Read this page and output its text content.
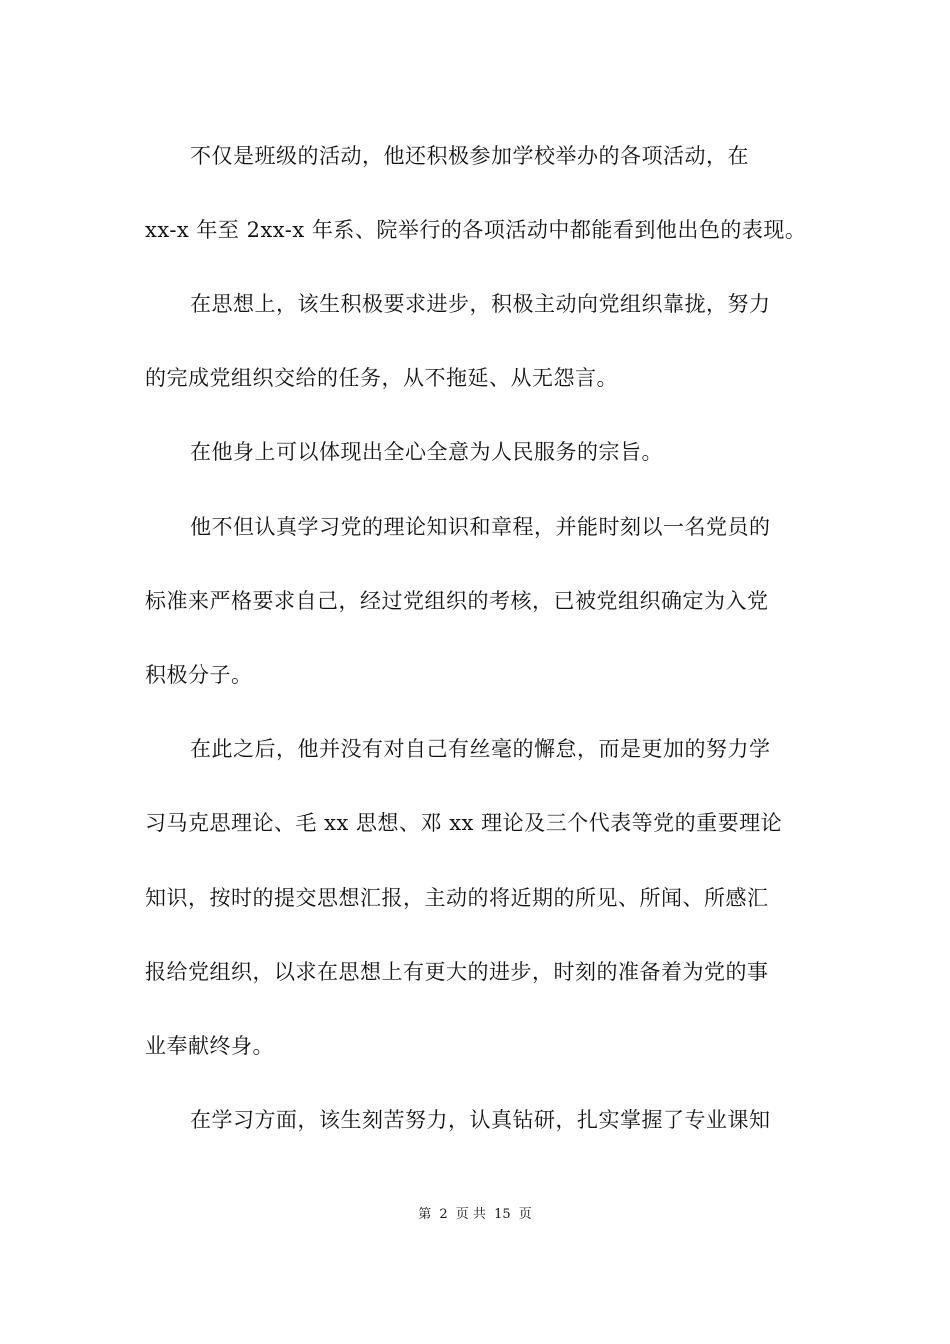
不仅是班级的活动，他还积极参加学校举办的各项活动，在
xx-x 年至 2xx-x 年系、院举行的各项活动中都能看到他出色的表现。
在思想上，该生积极要求进步，积极主动向党组织靠拢，努力
的完成党组织交给的任务，从不拖延、从无怨言。
在他身上可以体现出全心全意为人民服务的宗旨。
他不但认真学习党的理论知识和章程，并能时刻以一名党员的
标准来严格要求自己，经过党组织的考核，已被党组织确定为入党
积极分子。
在此之后，他并没有对自己有丝毫的懈怠，而是更加的努力学
习马克思理论、毛 xx 思想、邓 xx 理论及三个代表等党的重要理论
知识，按时的提交思想汇报，主动的将近期的所见、所闻、所感汇
报给党组织，以求在思想上有更大的进步，时刻的准备着为党的事
业奉献终身。
在学习方面，该生刻苦努力，认真钻研，扎实掌握了专业课知
第 2 页 共 15 页
